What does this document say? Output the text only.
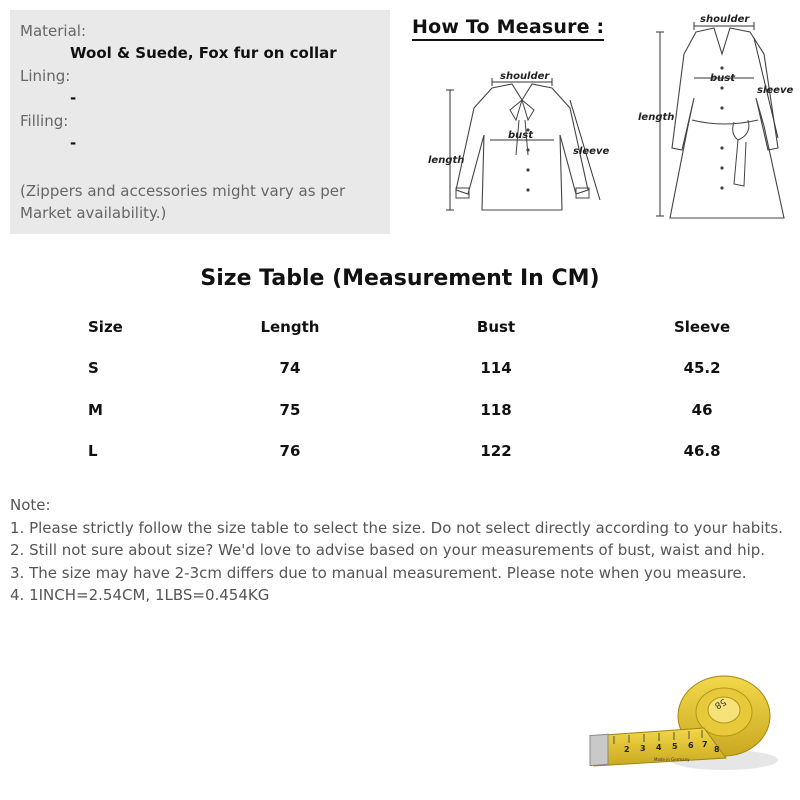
Material:
Wool & Suede, Fox fur on collar
Lining:
-
Filling:
-
(Zippers and accessories might vary as per Market availability.)
How To Measure :
shoulder
bust
length
sleeve
shoulder
bust
length
sleeve
Size Table (Measurement In CM)
Size	Length	Bust	Sleeve
S	74	114	45.2
M	75	118	46
L	76	122	46.8
Note:
1. Please strictly follow the size table to select the size. Do not select directly according to your habits.
2. Still not sure about size? We'd love to advise based on your measurements of bust, waist and hip.
3. The size may have 2-3cm differs due to manual measurement. Please note when you measure.
4. 1INCH=2.54CM, 1LBS=0.454KG
58
2 3 4 5 6 7
8
Made in Germany
